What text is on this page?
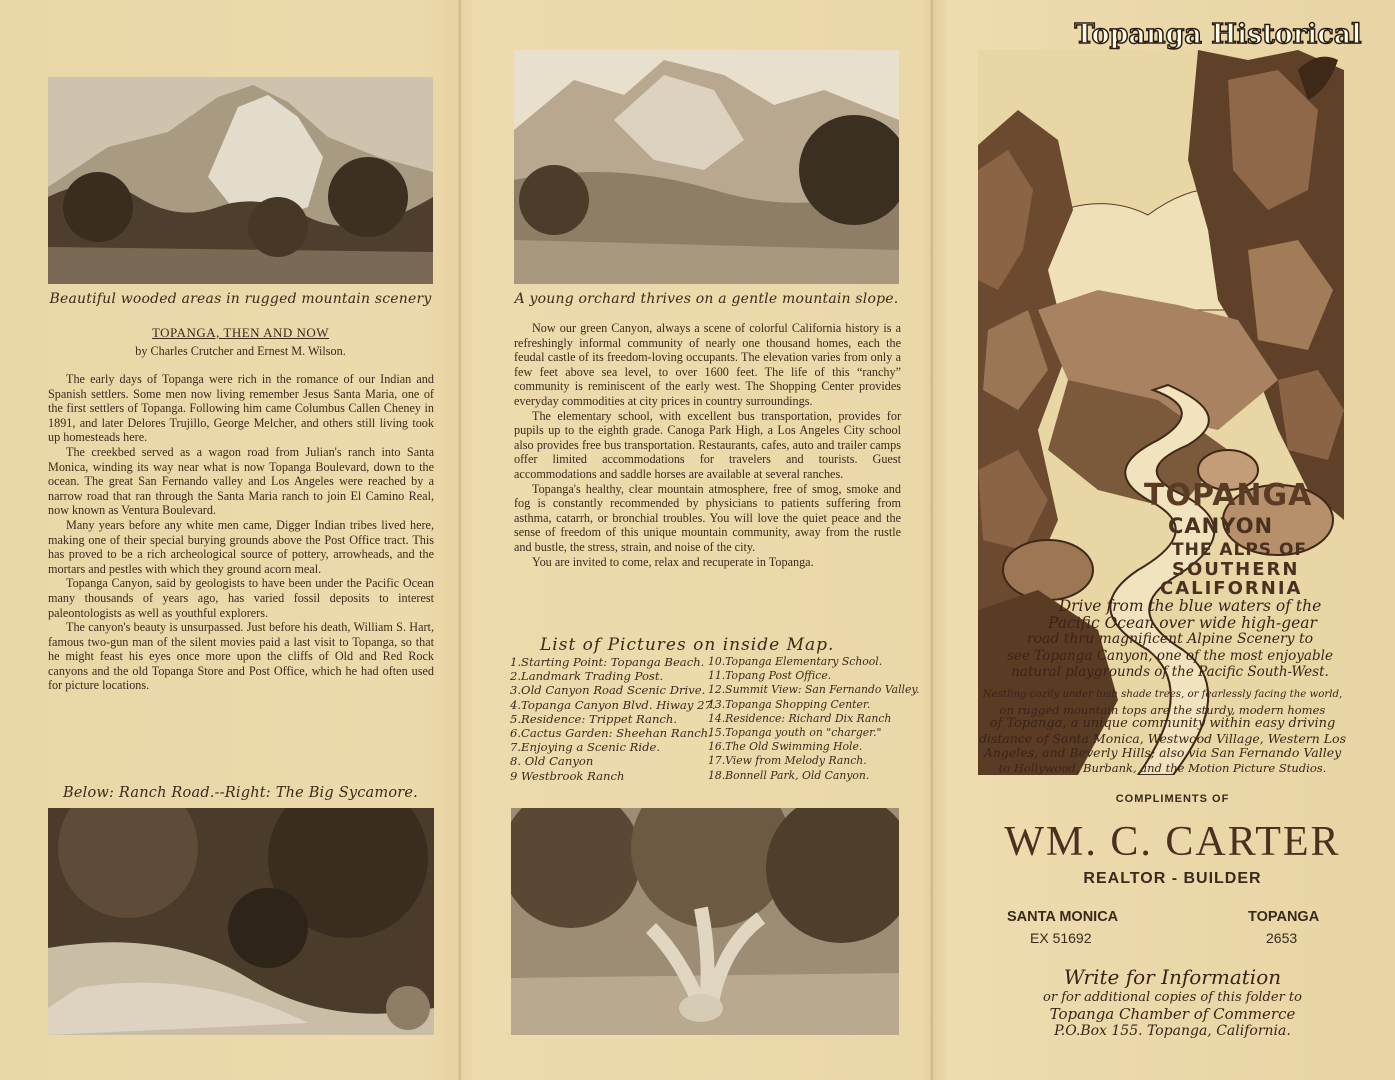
Beautiful wooded areas in rugged mountain scenery
TOPANGA, THEN AND NOW
by Charles Crutcher and Ernest M. Wilson.

The early days of Topanga were rich in the romance of our Indian and Spanish settlers. Some men now living remember Jesus Santa Maria, one of the first settlers of Topanga. Following him came Columbus Callen Cheney in 1891, and later Delores Trujillo, George Melcher, and others still living took up homesteads here.

The creekbed served as a wagon road from Julian's ranch into Santa Monica, winding its way near what is now Topanga Boulevard, down to the ocean. The great San Fernando valley and Los Angeles were reached by a narrow road that ran through the Santa Maria ranch to join El Camino Real, now known as Ventura Boulevard.

Many years before any white men came, Digger Indian tribes lived here, making one of their special burying grounds above the Post Office tract. This has proved to be a rich archeological source of pottery, arrowheads, and the mortars and pestles with which they ground acorn meal.

Topanga Canyon, said by geologists to have been under the Pacific Ocean many thousands of years ago, has varied fossil deposits to interest paleontologists as well as youthful explorers.

The canyon's beauty is unsurpassed. Just before his death, William S. Hart, famous two-gun man of the silent movies paid a last visit to Topanga, so that he might feast his eyes once more upon the cliffs of Old and Red Rock canyons and the old Topanga Store and Post Office, which he had often used for picture locations.

Below: Ranch Road.--Right: The Big Sycamore.
A young orchard thrives on a gentle mountain slope.

Now our green Canyon, always a scene of colorful California history is a refreshingly informal community of nearly one thousand homes, each the feudal castle of its freedom-loving occupants. The elevation varies from only a few feet above sea level, to over 1600 feet. The life of this “ranchy” community is reminiscent of the early west. The Shopping Center provides everyday commodities at city prices in country surroundings.

The elementary school, with excellent bus transportation, provides for pupils up to the eighth grade. Canoga Park High, a Los Angeles City school also provides free bus transportation. Restaurants, cafes, auto and trailer camps offer limited accommodations for travelers and tourists. Guest accommodations and saddle horses are available at several ranches.

Topanga's healthy, clear mountain atmosphere, free of smog, smoke and fog is constantly recommended by physicians to patients suffering from asthma, catarrh, or bronchial troubles. You will love the quiet peace and the sense of freedom of this unique mountain community, away from the rustle and bustle, the stress, strain, and noise of the city.

You are invited to come, relax and recuperate in Topanga.

List of Pictures on inside Map.
1.Starting Point: Topanga Beach.
2.Landmark Trading Post.
3.Old Canyon Road Scenic Drive.
4.Topanga Canyon Blvd. Hiway 27.
5.Residence: Trippet Ranch.
6.Cactus Garden: Sheehan Ranch.
7.Enjoying a Scenic Ride.
8. Old Canyon
9 Westbrook Ranch
10.Topanga Elementary School.
11.Topang Post Office.
12.Summit View: San Fernando Valley.
13.Topanga Shopping Center.
14.Residence: Richard Dix Ranch
15.Topanga youth on "charger."
16.The Old Swimming Hole.
17.View from Melody Ranch.
18.Bonnell Park, Old Canyon.
Topanga Historical
TOPANGA
CANYON
THE ALPS OF
SOUTHERN
CALIFORNIA
Drive from the blue waters of the
Pacific Ocean over wide high-gear
road thru magnificent Alpine Scenery to
see Topanga Canyon, one of the most enjoyable
natural playgrounds of the Pacific South-West.
Nestling cozily under lush shade trees, or fearlessly facing the world,
on rugged mountain tops are the sturdy, modern homes
of Topanga, a unique community within easy driving
distance of Santa Monica, Westwood Village, Western Los
Angeles, and Beverly Hills; also via San Fernando Valley
to Hollywood, Burbank, and the Motion Picture Studios.
COMPLIMENTS OF
WM. C. CARTER
REALTOR - BUILDER
SANTA MONICA
EX 51692
TOPANGA
2653
Write for Information
or for additional copies of this folder to
Topanga Chamber of Commerce
P.O.Box 155. Topanga, California.
